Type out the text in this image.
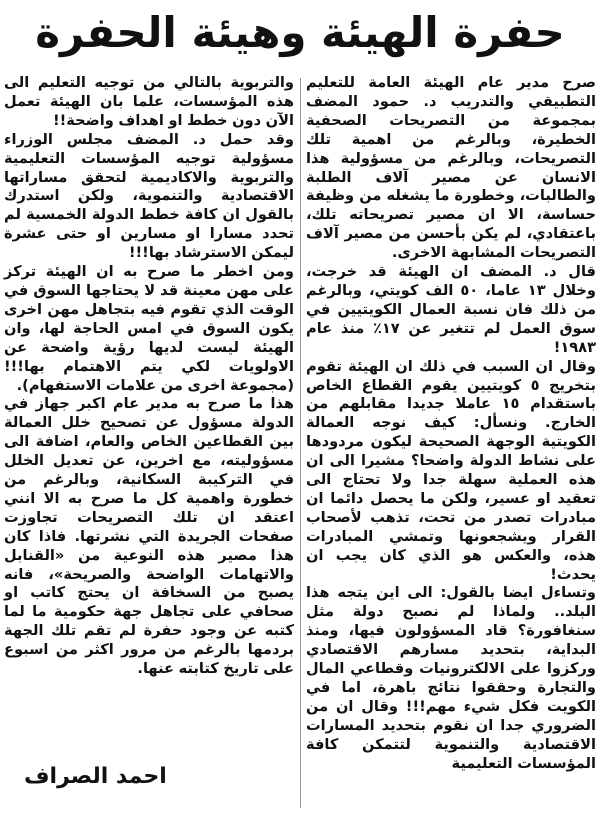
حفرة الهيئة وهيئة الحفرة

صرح مدير عام الهيئة العامة للتعليم التطبيقي والتدريب د. حمود المضف بمجموعة من التصريحات الصحفية الخطيرة، وبالرغم من اهمية تلك التصريحات، وبالرغم من مسؤولية هذا الانسان عن مصير آلاف الطلبة والطالبات، وخطورة ما يشغله من وظيفة حساسة، الا ان مصير تصريحاته تلك، باعتقادي، لم يكن بأحسن من مصير آلاف التصريحات المشابهة الاخرى.

قال د. المضف ان الهيئة قد خرجت، وخلال ١٣ عاما، ٥٠ الف كويتي، وبالرغم من ذلك فان نسبة العمال الكويتيين في سوق العمل لم تتغير عن ١٧٪ منذ عام ١٩٨٣!

وقال ان السبب في ذلك ان الهيئة تقوم بتخريج ٥ كويتيين يقوم القطاع الخاص باستقدام ١٥ عاملا جديدا مقابلهم من الخارج. ونسأل: كيف نوجه العمالة الكويتية الوجهة الصحيحة ليكون مردودها على نشاط الدولة واضحا؟ مشيرا الى ان هذه العملية سهلة جدا ولا تحتاج الى تعقيد او عسير، ولكن ما يحصل دائما ان مبادرات تصدر من تحت، تذهب لأصحاب القرار ويشجعونها وتمشي المبادرات هذه، والعكس هو الذي كان يجب ان يحدث!

وتساءل ايضا بالقول: الى اين يتجه هذا البلد.. ولماذا لم نصبح دولة مثل سنغافورة؟ قاد المسؤولون فيها، ومنذ البداية، بتحديد مسارهم الاقتصادي وركزوا على الالكترونيات وقطاعي المال والتجارة وحققوا نتائج باهرة، اما في الكويت فكل شيء مهم!!! وقال ان من الضروري جدا ان نقوم بتحديد المسارات الاقتصادية والتنموية لتتمكن كافة المؤسسات التعليمية

والتربوية بالتالي من توجيه التعليم الى هذه المؤسسات، علما بان الهيئة تعمل الآن دون خطط او اهداف واضحة!!

وقد حمل د. المضف مجلس الوزراء مسؤولية توجيه المؤسسات التعليمية والتربوية والاكاديمية لتحقق مساراتها الاقتصادية والتنموية، ولكن استدرك بالقول ان كافة خطط الدولة الخمسية لم تحدد مسارا او مسارين او حتى عشرة ليمكن الاسترشاد بها!!!

ومن اخطر ما صرح به ان الهيئة تركز على مهن معينة قد لا يحتاجها السوق في الوقت الذي تقوم فيه بتجاهل مهن اخرى يكون السوق في امس الحاجة لها، وان الهيئة ليست لديها رؤية واضحة عن الاولويات لكي يتم الاهتمام بها!!! (مجموعة اخرى من علامات الاستفهام).

هذا ما صرح به مدير عام اكبر جهاز في الدولة مسؤول عن تصحيح خلل العمالة بين القطاعين الخاص والعام، اضافة الى مسؤوليته، مع اخرين، عن تعديل الخلل في التركيبة السكانية، وبالرغم من خطورة واهمية كل ما صرح به الا انني اعتقد ان تلك التصريحات تجاوزت صفحات الجريدة التي نشرتها. فاذا كان هذا مصير هذه النوعية من «القنابل والاتهامات الواضحة والصريحة»، فانه يصبح من السخافة ان يحتج كاتب او صحافي على تجاهل جهة حكومية ما لما كتبه عن وجود حفرة لم تقم تلك الجهة بردمها بالرغم من مرور اكثر من اسبوع على تاريخ كتابته عنها.

احمد الصراف
